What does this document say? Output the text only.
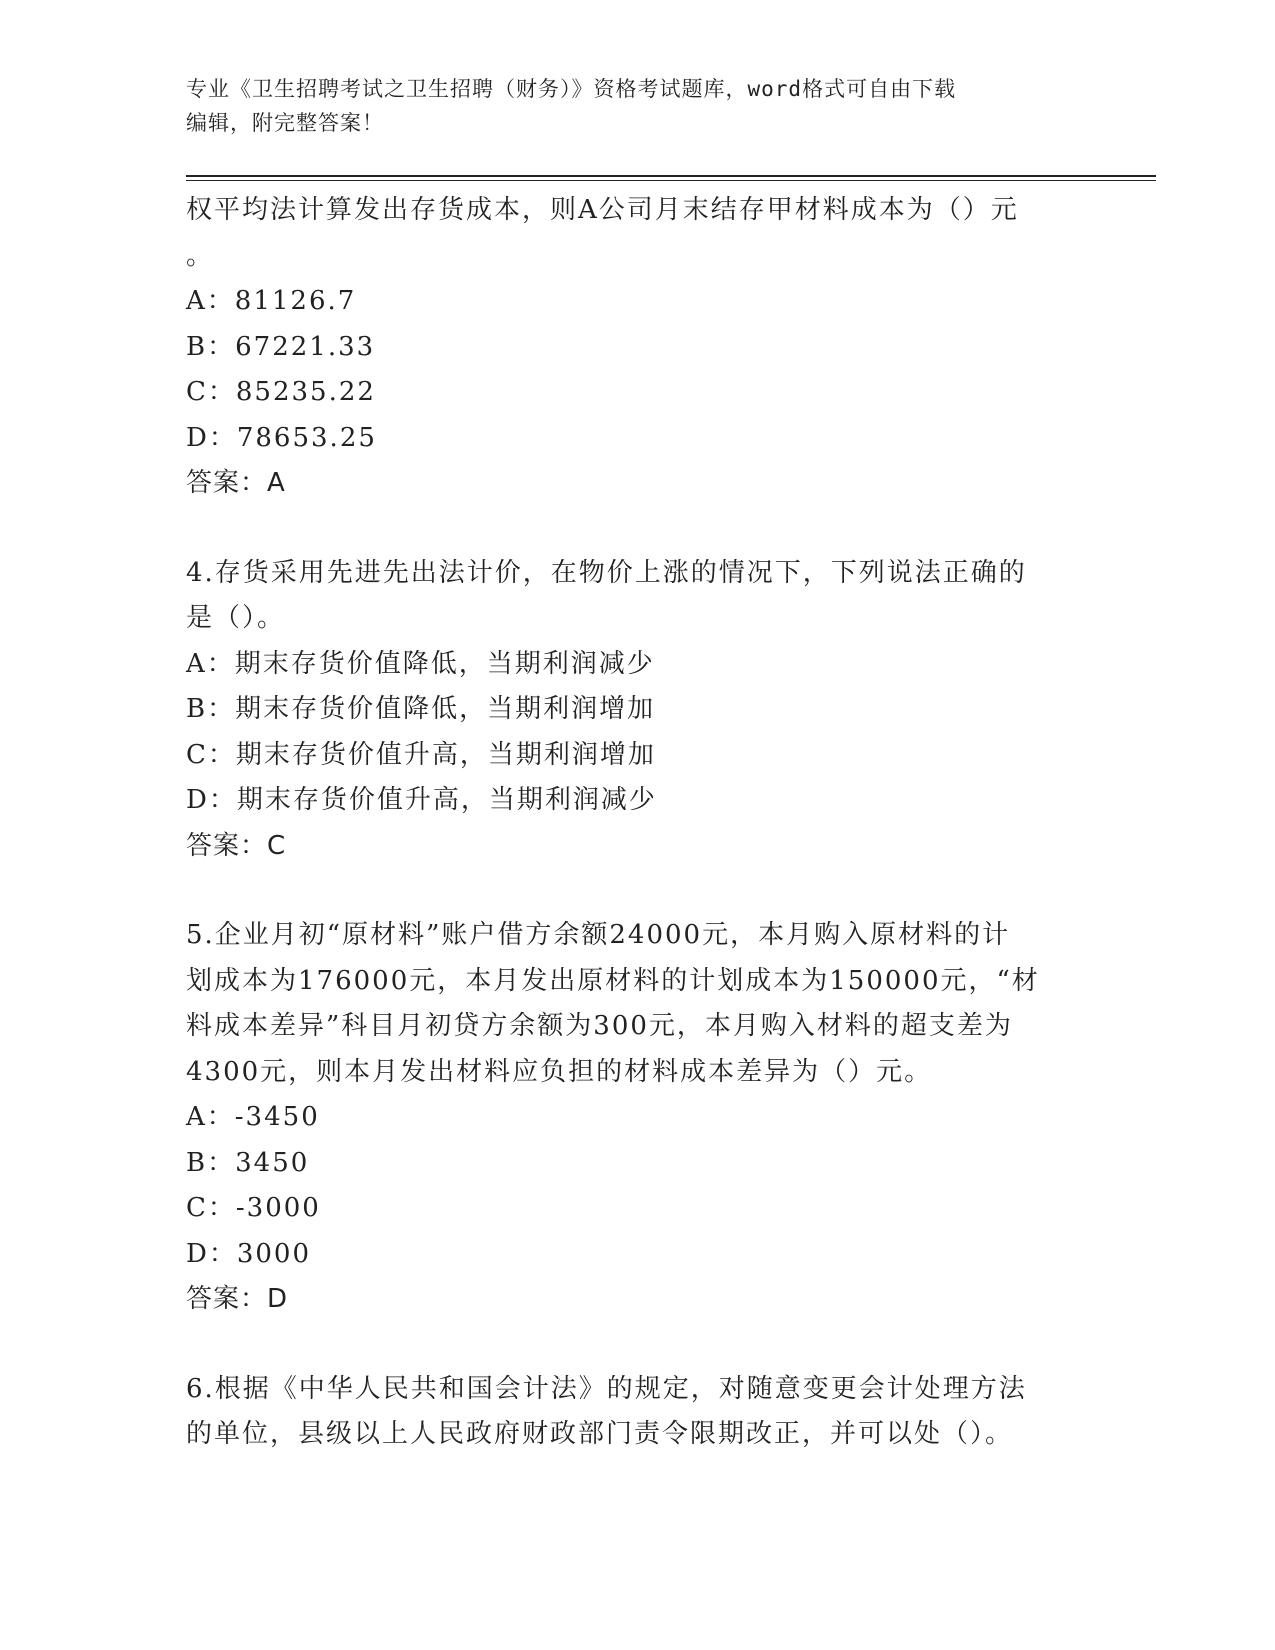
专业《卫生招聘考试之卫生招聘（财务）》资格考试题库，word格式可自由下载
编辑，附完整答案！
权平均法计算发出存货成本，则A公司月末结存甲材料成本为（）元
。
A：81126.7
B：67221.33
C：85235.22
D：78653.25
答案：A
4.存货采用先进先出法计价，在物价上涨的情况下，下列说法正确的
是（）。
A：期末存货价值降低，当期利润减少
B：期末存货价值降低，当期利润增加
C：期末存货价值升高，当期利润增加
D：期末存货价值升高，当期利润减少
答案：C
5.企业月初“原材料”账户借方余额24000元，本月购入原材料的计
划成本为176000元，本月发出原材料的计划成本为150000元，“材
料成本差异”科目月初贷方余额为300元，本月购入材料的超支差为
4300元，则本月发出材料应负担的材料成本差异为（）元。
A：-3450
B：3450
C：-3000
D：3000
答案：D
6.根据《中华人民共和国会计法》的规定，对随意变更会计处理方法
的单位，县级以上人民政府财政部门责令限期改正，并可以处（）。
